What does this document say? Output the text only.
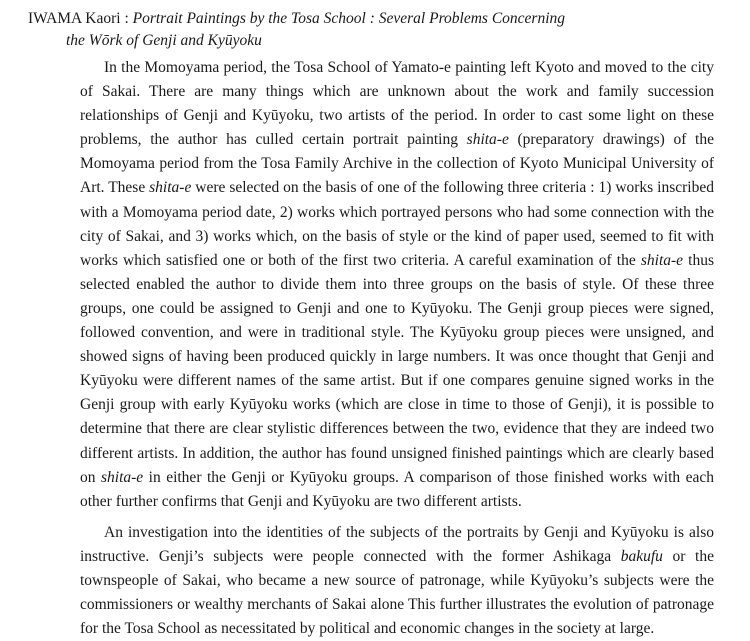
IWAMA Kaori : Portrait Paintings by the Tosa School : Several Problems Concerning
the Wōrk of Genji and Kyūyoku

In the Momoyama period, the Tosa School of Yamato-e painting left Kyoto and moved to the city of Sakai. There are many things which are unknown about the work and family succession relationships of Genji and Kyūyoku, two artists of the period. In order to cast some light on these problems, the author has culled certain portrait painting shita-e (preparatory drawings) of the Momoyama period from the Tosa Family Archive in the collection of Kyoto Municipal University of Art. These shita-e were selected on the basis of one of the following three criteria : 1) works inscribed with a Momoyama period date, 2) works which portrayed persons who had some connection with the city of Sakai, and 3) works which, on the basis of style or the kind of paper used, seemed to fit with works which satisfied one or both of the first two criteria. A careful examination of the shita-e thus selected enabled the author to divide them into three groups on the basis of style. Of these three groups, one could be assigned to Genji and one to Kyūyoku. The Genji group pieces were signed, followed convention, and were in traditional style. The Kyūyoku group pieces were unsigned, and showed signs of having been produced quickly in large numbers. It was once thought that Genji and Kyūyoku were different names of the same artist. But if one compares genuine signed works in the Genji group with early Kyūyoku works (which are close in time to those of Genji), it is possible to determine that there are clear stylistic differences between the two, evidence that they are indeed two different artists. In addition, the author has found unsigned finished paintings which are clearly based on shita-e in either the Genji or Kyūyoku groups. A comparison of those finished works with each other further confirms that Genji and Kyūyoku are two different artists.

An investigation into the identities of the subjects of the portraits by Genji and Kyūyoku is also instructive. Genji’s subjects were people connected with the former Ashikaga bakufu or the townspeople of Sakai, who became a new source of patronage, while Kyūyoku’s subjects were the commissioners or wealthy merchants of Sakai alone This further illustrates the evolution of patronage for the Tosa School as necessitated by political and economic changes in the society at large.
